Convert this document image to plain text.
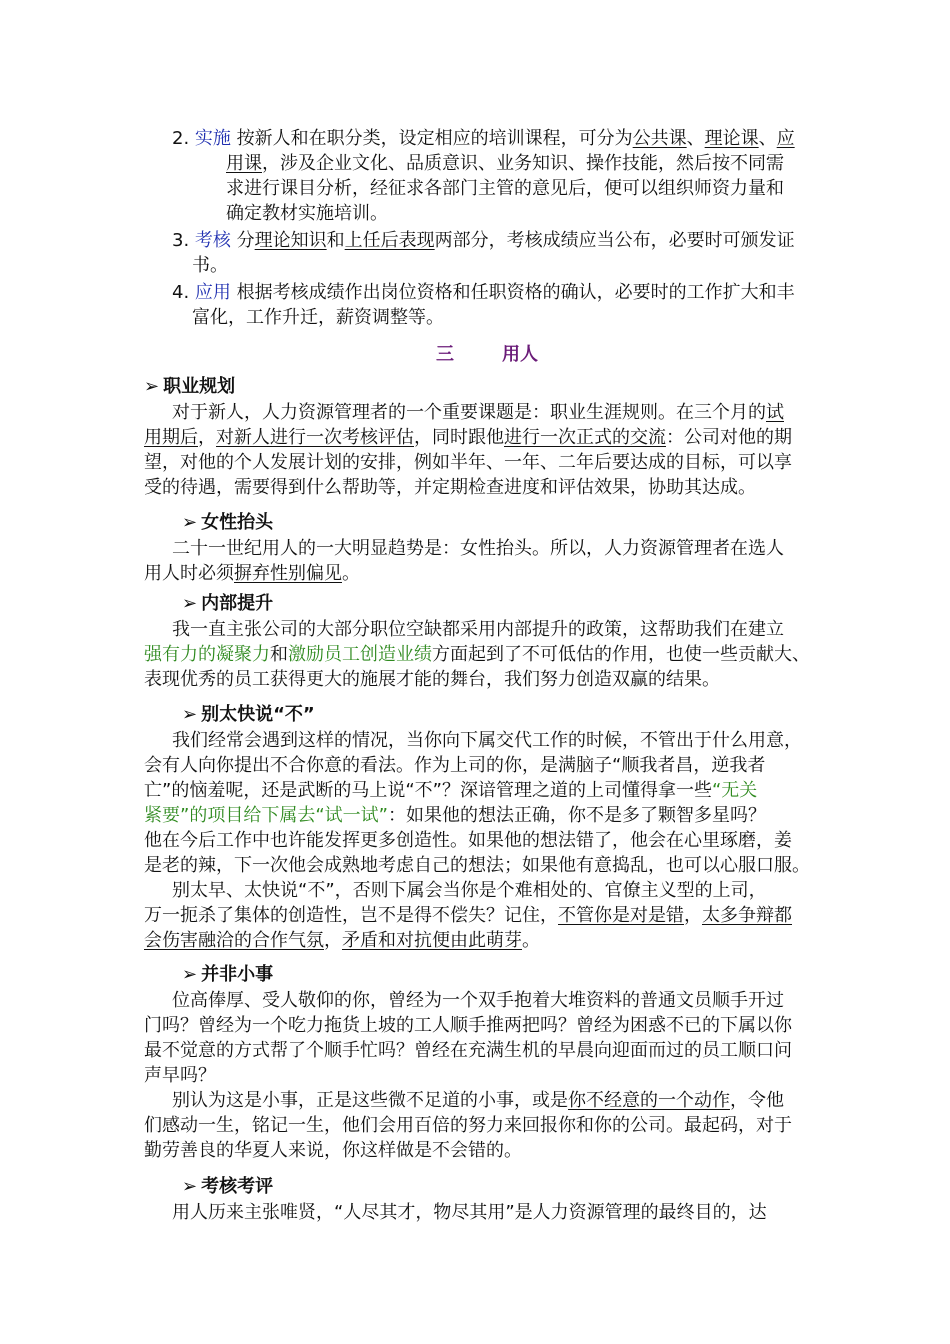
2. 实施 按新人和在职分类，设定相应的培训课程，可分为公共课、理论课、应
用课，涉及企业文化、品质意识、业务知识、操作技能，然后按不同需
求进行课目分析，经征求各部门主管的意见后，便可以组织师资力量和
确定教材实施培训。
3. 考核 分理论知识和上任后表现两部分，考核成绩应当公布，必要时可颁发证
书。
4. 应用 根据考核成绩作出岗位资格和任职资格的确认，必要时的工作扩大和丰
富化，工作升迁，薪资调整等。
三	用人
➢ 职业规划
对于新人，人力资源管理者的一个重要课题是：职业生涯规则。在三个月的试
用期后，对新人进行一次考核评估，同时跟他进行一次正式的交流：公司对他的期
望，对他的个人发展计划的安排，例如半年、一年、二年后要达成的目标，可以享
受的待遇，需要得到什么帮助等，并定期检查进度和评估效果，协助其达成。
➢ 女性抬头
二十一世纪用人的一大明显趋势是：女性抬头。所以，人力资源管理者在选人
用人时必须摒弃性别偏见。
➢ 内部提升
我一直主张公司的大部分职位空缺都采用内部提升的政策，这帮助我们在建立
强有力的凝聚力和激励员工创造业绩方面起到了不可低估的作用，也使一些贡献大、
表现优秀的员工获得更大的施展才能的舞台，我们努力创造双赢的结果。
➢ 别太快说“不”
我们经常会遇到这样的情况，当你向下属交代工作的时候，不管出于什么用意，
会有人向你提出不合你意的看法。作为上司的你，是满脑子“顺我者昌，逆我者
亡”的恼羞呢，还是武断的马上说“不”？深谙管理之道的上司懂得拿一些“无关
紧要”的项目给下属去“试一试”：如果他的想法正确，你不是多了颗智多星吗？
他在今后工作中也许能发挥更多创造性。如果他的想法错了，他会在心里琢磨，姜
是老的辣，下一次他会成熟地考虑自己的想法；如果他有意捣乱，也可以心服口服。
别太早、太快说“不”，否则下属会当你是个难相处的、官僚主义型的上司，
万一扼杀了集体的创造性，岂不是得不偿失？记住，不管你是对是错，太多争辩都
会伤害融洽的合作气氛，矛盾和对抗便由此萌芽。
➢ 并非小事
位高俸厚、受人敬仰的你，曾经为一个双手抱着大堆资料的普通文员顺手开过
门吗？曾经为一个吃力拖货上坡的工人顺手推两把吗？曾经为困惑不已的下属以你
最不觉意的方式帮了个顺手忙吗？曾经在充满生机的早晨向迎面而过的员工顺口问
声早吗？
别认为这是小事，正是这些微不足道的小事，或是你不经意的一个动作，令他
们感动一生，铭记一生，他们会用百倍的努力来回报你和你的公司。最起码，对于
勤劳善良的华夏人来说，你这样做是不会错的。
➢ 考核考评
用人历来主张唯贤，“人尽其才，物尽其用”是人力资源管理的最终目的，达
